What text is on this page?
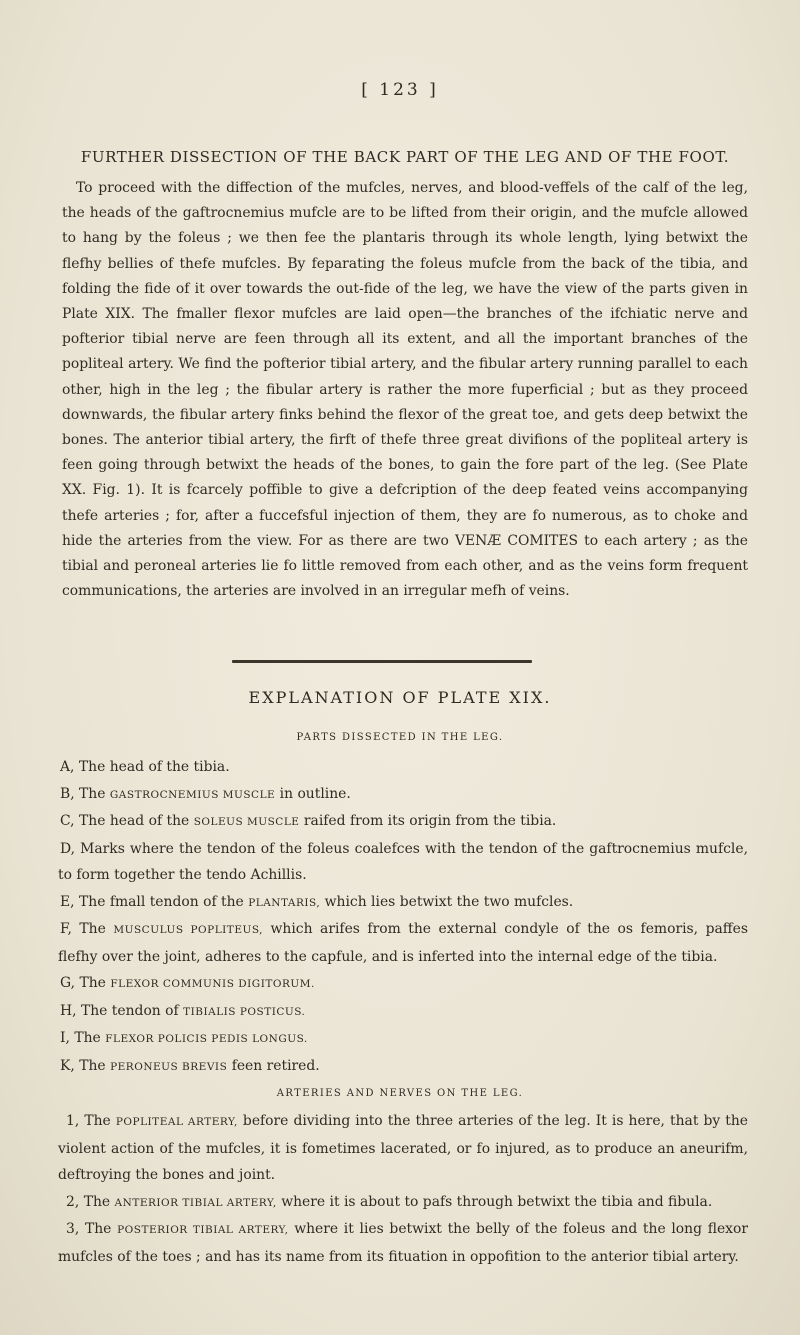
[ 123 ]
FURTHER DISSECTION OF THE BACK PART OF THE LEG AND OF THE FOOT.

To proceed with the diffection of the mufcles, nerves, and blood-veffels of the calf of the leg, the heads of the gaftrocnemius mufcle are to be lifted from their origin, and the mufcle allowed to hang by the foleus ; we then fee the plantaris through its whole length, lying betwixt the flefhy bellies of thefe mufcles. By feparating the foleus mufcle from the back of the tibia, and folding the fide of it over towards the out-fide of the leg, we have the view of the parts given in Plate XIX. The fmaller flexor mufcles are laid open—the branches of the ifchiatic nerve and pofterior tibial nerve are feen through all its extent, and all the important branches of the popliteal artery. We find the pofterior tibial artery, and the fibular artery running parallel to each other, high in the leg ; the fibular artery is rather the more fuperficial ; but as they proceed downwards, the fibular artery finks behind the flexor of the great toe, and gets deep betwixt the bones. The anterior tibial artery, the firft of thefe three great divifions of the popliteal artery is feen going through betwixt the heads of the bones, to gain the fore part of the leg. (See Plate XX. Fig. 1). It is fcarcely poffible to give a defcription of the deep feated veins accompanying thefe arteries ; for, after a fuccefsful injection of them, they are fo numerous, as to choke and hide the arteries from the view. For as there are two VENÆ COMITES to each artery ; as the tibial and peroneal arteries lie fo little removed from each other, and as the veins form frequent communications, the arteries are involved in an irregular mefh of veins.

EXPLANATION OF PLATE XIX.
PARTS DISSECTED IN THE LEG.

A, The head of the tibia.

B, The GASTROCNEMIUS MUSCLE in outline.

C, The head of the SOLEUS MUSCLE raifed from its origin from the tibia.

D, Marks where the tendon of the foleus coalefces with the tendon of the gaftrocnemius mufcle, to form together the tendo Achillis.

E, The fmall tendon of the PLANTARIS, which lies betwixt the two mufcles.

F, The MUSCULUS POPLITEUS, which arifes from the external condyle of the os femoris, paffes flefhy over the joint, adheres to the capfule, and is inferted into the internal edge of the tibia.

G, The FLEXOR COMMUNIS DIGITORUM.

H, The tendon of TIBIALIS POSTICUS.

I, The FLEXOR POLICIS PEDIS LONGUS.

K, The PERONEUS BREVIS feen retired.

ARTERIES AND NERVES ON THE LEG.

1, The POPLITEAL ARTERY, before dividing into the three arteries of the leg. It is here, that by the violent action of the mufcles, it is fometimes lacerated, or fo injured, as to produce an aneurifm, deftroying the bones and joint.

2, The ANTERIOR TIBIAL ARTERY, where it is about to pafs through betwixt the tibia and fibula.

3, The POSTERIOR TIBIAL ARTERY, where it lies betwixt the belly of the foleus and the long flexor mufcles of the toes ; and has its name from its fituation in oppofition to the anterior tibial artery.
